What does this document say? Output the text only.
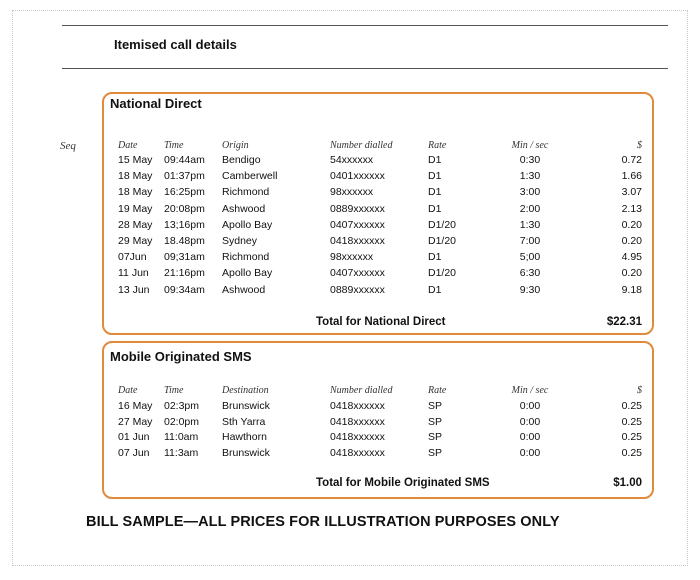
Itemised call details
Seq
National Direct
Date	Time	Origin	Number dialled	Rate	Min / sec	$
15 May	09:44am	Bendigo	54xxxxxx	D1	0:30	0.72
18 May	01:37pm	Camberwell	0401xxxxxx	D1	1:30	1.66
18 May	16:25pm	Richmond	98xxxxxx	D1	3:00	3.07
19 May	20:08pm	Ashwood	0889xxxxxx	D1	2:00	2.13
28 May	13;16pm	Apollo Bay	0407xxxxxx	D1/20	1:30	0.20
29 May	18.48pm	Sydney	0418xxxxxx	D1/20	7:00	0.20
07Jun	09;31am	Richmond	98xxxxxx	D1	5;00	4.95
11 Jun	21:16pm	Apollo Bay	0407xxxxxx	D1/20	6:30	0.20
13 Jun	09:34am	Ashwood	0889xxxxxx	D1	9:30	9.18
Total for National Direct	$22.31
Mobile Originated SMS
Date	Time	Destination	Number dialled	Rate	Min / sec	$
16 May	02:3pm	Brunswick	0418xxxxxx	SP	0:00	0.25
27 May	02:0pm	Sth Yarra	0418xxxxxx	SP	0:00	0.25
01 Jun	11:0am	Hawthorn	0418xxxxxx	SP	0:00	0.25
07 Jun	11:3am	Brunswick	0418xxxxxx	SP	0:00	0.25
Total for Mobile Originated SMS	$1.00
BILL SAMPLE—ALL PRICES FOR ILLUSTRATION PURPOSES ONLY
